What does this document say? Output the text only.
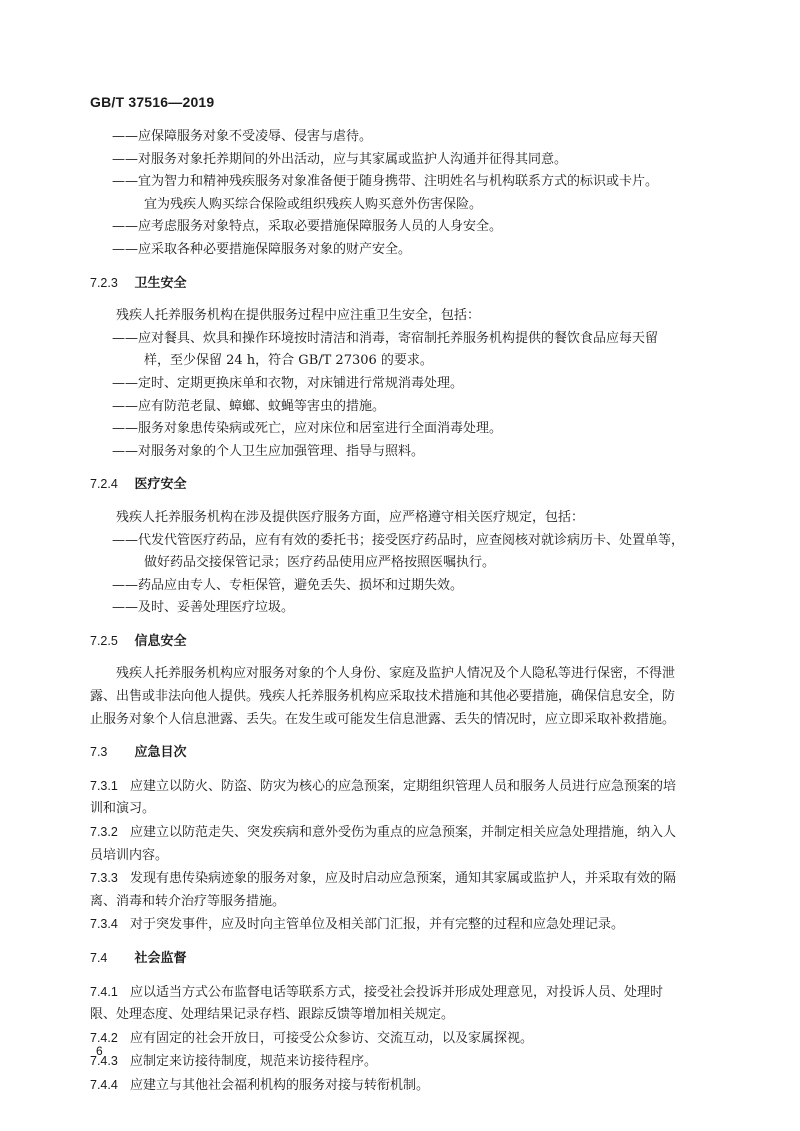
GB/T 37516—2019
——应保障服务对象不受凌辱、侵害与虐待。
——对服务对象托养期间的外出活动，应与其家属或监护人沟通并征得其同意。
——宜为智力和精神残疾服务对象准备便于随身携带、注明姓名与机构联系方式的标识或卡片。
宜为残疾人购买综合保险或组织残疾人购买意外伤害保险。
——应考虑服务对象特点，采取必要措施保障服务人员的人身安全。
——应采取各种必要措施保障服务对象的财产安全。
7.2.3 卫生安全
残疾人托养服务机构在提供服务过程中应注重卫生安全，包括：
——应对餐具、炊具和操作环境按时清洁和消毒，寄宿制托养服务机构提供的餐饮食品应每天留
样，至少保留 24 h，符合 GB/T 27306 的要求。
——定时、定期更换床单和衣物，对床铺进行常规消毒处理。
——应有防范老鼠、蟑螂、蚊蝇等害虫的措施。
——服务对象患传染病或死亡，应对床位和居室进行全面消毒处理。
——对服务对象的个人卫生应加强管理、指导与照料。
7.2.4 医疗安全
残疾人托养服务机构在涉及提供医疗服务方面，应严格遵守相关医疗规定，包括：
——代发代管医疗药品，应有有效的委托书；接受医疗药品时，应查阅核对就诊病历卡、处置单等，
做好药品交接保管记录；医疗药品使用应严格按照医嘱执行。
——药品应由专人、专柜保管，避免丢失、损坏和过期失效。
——及时、妥善处理医疗垃圾。
7.2.5 信息安全
残疾人托养服务机构应对服务对象的个人身份、家庭及监护人情况及个人隐私等进行保密，不得泄
露、出售或非法向他人提供。残疾人托养服务机构应采取技术措施和其他必要措施，确保信息安全，防
止服务对象个人信息泄露、丢失。在发生或可能发生信息泄露、丢失的情况时，应立即采取补救措施。
7.3 应急目次
7.3.1 应建立以防火、防盗、防灾为核心的应急预案，定期组织管理人员和服务人员进行应急预案的培
训和演习。
7.3.2 应建立以防范走失、突发疾病和意外受伤为重点的应急预案，并制定相关应急处理措施，纳入人
员培训内容。
7.3.3 发现有患传染病迹象的服务对象，应及时启动应急预案，通知其家属或监护人，并采取有效的隔
离、消毒和转介治疗等服务措施。
7.3.4 对于突发事件，应及时向主管单位及相关部门汇报，并有完整的过程和应急处理记录。
7.4 社会监督
7.4.1 应以适当方式公布监督电话等联系方式，接受社会投诉并形成处理意见，对投诉人员、处理时
限、处理态度、处理结果记录存档、跟踪反馈等增加相关规定。
7.4.2 应有固定的社会开放日，可接受公众参访、交流互动，以及家属探视。
7.4.3 应制定来访接待制度，规范来访接待程序。
7.4.4 应建立与其他社会福利机构的服务对接与转衔机制。
6
